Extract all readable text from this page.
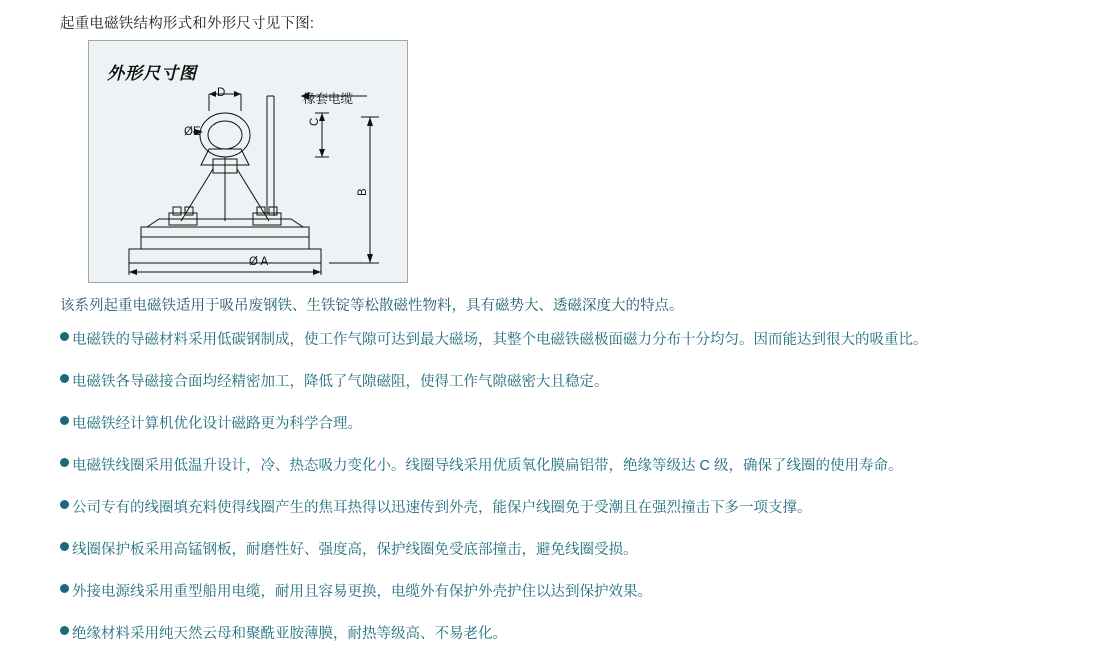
起重电磁铁结构形式和外形尺寸见下图:
外形尺寸图
橡套电缆
D
ØE
Ø A
C
B
该系列起重电磁铁适用于吸吊废钢铁、生铁锭等松散磁性物料，具有磁势大、透磁深度大的特点。
电磁铁的导磁材料采用低碳钢制成，使工作气隙可达到最大磁场，其整个电磁铁磁极面磁力分布十分均匀。因而能达到很大的吸重比。
电磁铁各导磁接合面均经精密加工，降低了气隙磁阻，使得工作气隙磁密大且稳定。
电磁铁经计算机优化设计磁路更为科学合理。
电磁铁线圈采用低温升设计，冷、热态吸力变化小。线圈导线采用优质氧化膜扁铝带，绝缘等级达 C 级，确保了线圈的使用寿命。
公司专有的线圈填充料使得线圈产生的焦耳热得以迅速传到外壳，能保户线圈免于受潮且在强烈撞击下多一项支撑。
线圈保护板采用高锰钢板，耐磨性好、强度高，保护线圈免受底部撞击，避免线圈受损。
外接电源线采用重型船用电缆，耐用且容易更换，电缆外有保护外壳护住以达到保护效果。
绝缘材料采用纯天然云母和聚酰亚胺薄膜，耐热等级高、不易老化。
